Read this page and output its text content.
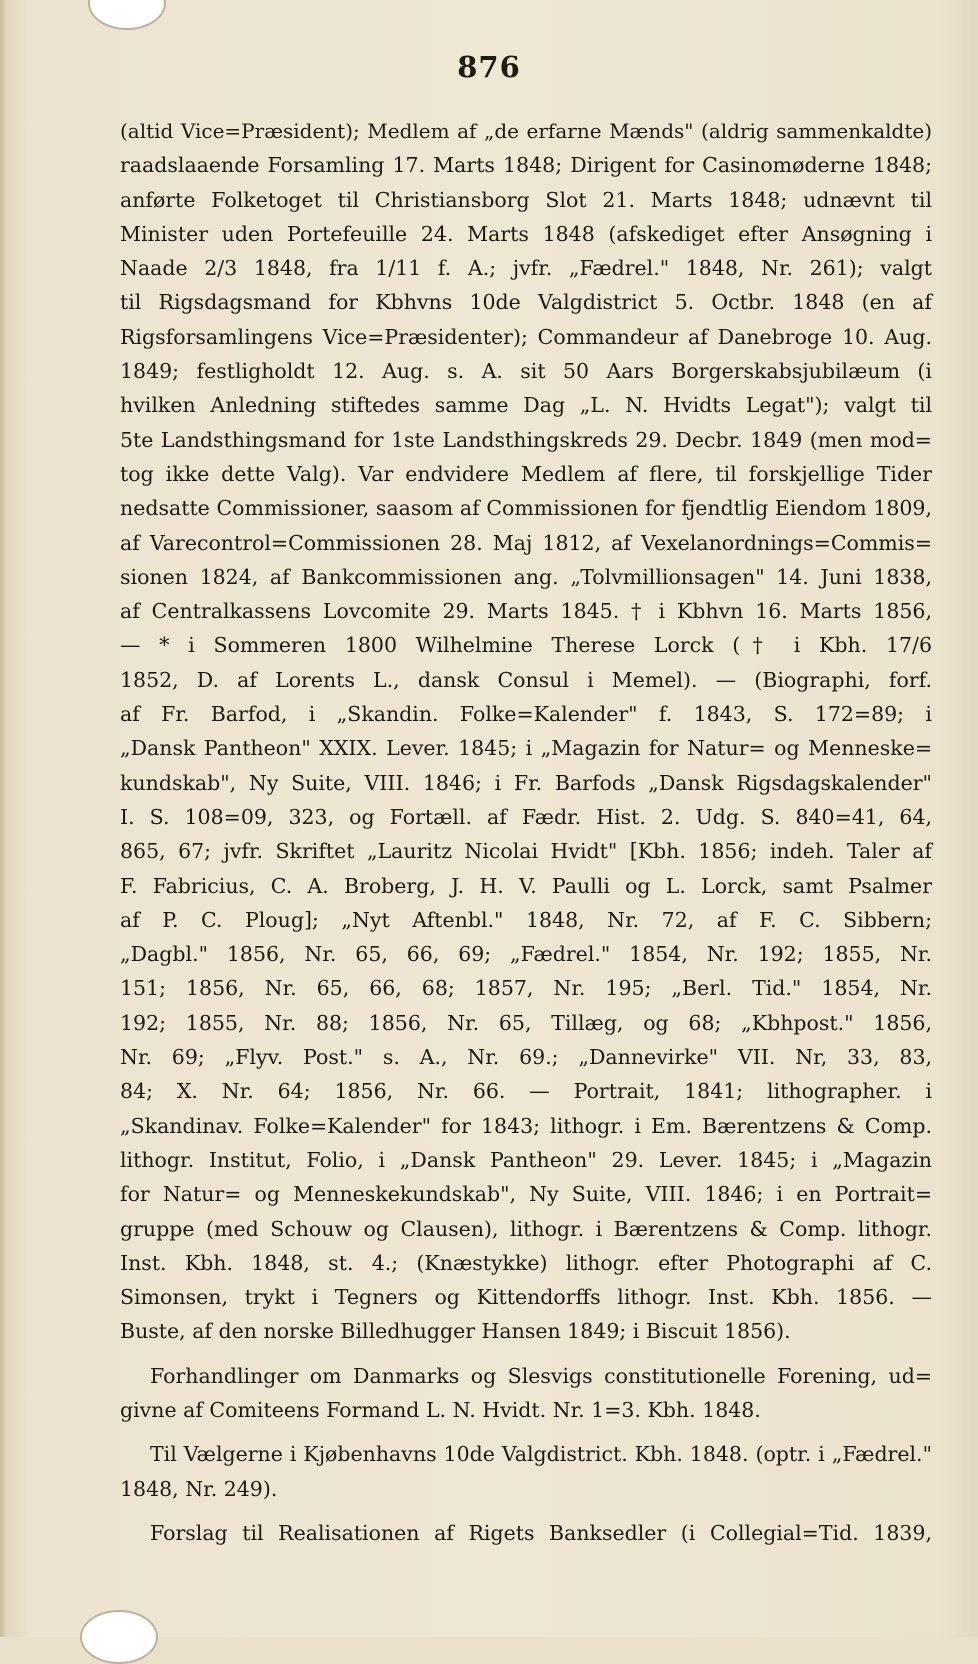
876
(altid Vice=Præsident); Medlem af „de erfarne Mænds" (aldrig sammenkaldte)
raadslaaende Forsamling 17. Marts 1848; Dirigent for Casinomøderne 1848;
anførte Folketoget til Christiansborg Slot 21. Marts 1848; udnævnt til
Minister uden Portefeuille 24. Marts 1848 (afskediget efter Ansøgning i
Naade 2/3 1848, fra 1/11 f. A.; jvfr. „Fædrel." 1848, Nr. 261); valgt
til Rigsdagsmand for Kbhvns 10de Valgdistrict 5. Octbr. 1848 (en af
Rigsforsamlingens Vice=Præsidenter); Commandeur af Danebroge 10. Aug.
1849; festligholdt 12. Aug. s. A. sit 50 Aars Borgerskabsjubilæum (i
hvilken Anledning stiftedes samme Dag „L. N. Hvidts Legat"); valgt til
5te Landsthingsmand for 1ste Landsthingskreds 29. Decbr. 1849 (men mod=
tog ikke dette Valg). Var endvidere Medlem af flere, til forskjellige Tider
nedsatte Commissioner, saasom af Commissionen for fjendtlig Eiendom 1809,
af Varecontrol=Commissionen 28. Maj 1812, af Vexelanordnings=Commis=
sionen 1824, af Bankcommissionen ang. „Tolvmillionsagen" 14. Juni 1838,
af Centralkassens Lovcomite 29. Marts 1845. † i Kbhvn 16. Marts 1856,
— * i Sommeren 1800 Wilhelmine Therese Lorck († i Kbh. 17/6
1852, D. af Lorents L., dansk Consul i Memel). — (Biographi, forf.
af Fr. Barfod, i „Skandin. Folke=Kalender" f. 1843, S. 172=89; i
„Dansk Pantheon" XXIX. Lever. 1845; i „Magazin for Natur= og Menneske=
kundskab", Ny Suite, VIII. 1846; i Fr. Barfods „Dansk Rigsdagskalender"
I. S. 108=09, 323, og Fortæll. af Fædr. Hist. 2. Udg. S. 840=41, 64,
865, 67; jvfr. Skriftet „Lauritz Nicolai Hvidt" [Kbh. 1856; indeh. Taler af
F. Fabricius, C. A. Broberg, J. H. V. Paulli og L. Lorck, samt Psalmer
af P. C. Ploug]; „Nyt Aftenbl." 1848, Nr. 72, af F. C. Sibbern;
„Dagbl." 1856, Nr. 65, 66, 69; „Fædrel." 1854, Nr. 192; 1855, Nr.
151; 1856, Nr. 65, 66, 68; 1857, Nr. 195; „Berl. Tid." 1854, Nr.
192; 1855, Nr. 88; 1856, Nr. 65, Tillæg, og 68; „Kbhpost." 1856,
Nr. 69; „Flyv. Post." s. A., Nr. 69.; „Dannevirke" VII. Nr, 33, 83,
84; X. Nr. 64; 1856, Nr. 66. — Portrait, 1841; lithographer. i
„Skandinav. Folke=Kalender" for 1843; lithogr. i Em. Bærentzens & Comp.
lithogr. Institut, Folio, i „Dansk Pantheon" 29. Lever. 1845; i „Magazin
for Natur= og Menneskekundskab", Ny Suite, VIII. 1846; i en Portrait=
gruppe (med Schouw og Clausen), lithogr. i Bærentzens & Comp. lithogr.
Inst. Kbh. 1848, st. 4.; (Knæstykke) lithogr. efter Photographi af C.
Simonsen, trykt i Tegners og Kittendorffs lithogr. Inst. Kbh. 1856. —
Buste, af den norske Billedhugger Hansen 1849; i Biscuit 1856).
Forhandlinger om Danmarks og Slesvigs constitutionelle Forening, ud=
givne af Comiteens Formand L. N. Hvidt. Nr. 1=3. Kbh. 1848.
Til Vælgerne i Kjøbenhavns 10de Valgdistrict. Kbh. 1848. (optr. i „Fædrel."
1848, Nr. 249).
Forslag til Realisationen af Rigets Banksedler (i Collegial=Tid. 1839,
